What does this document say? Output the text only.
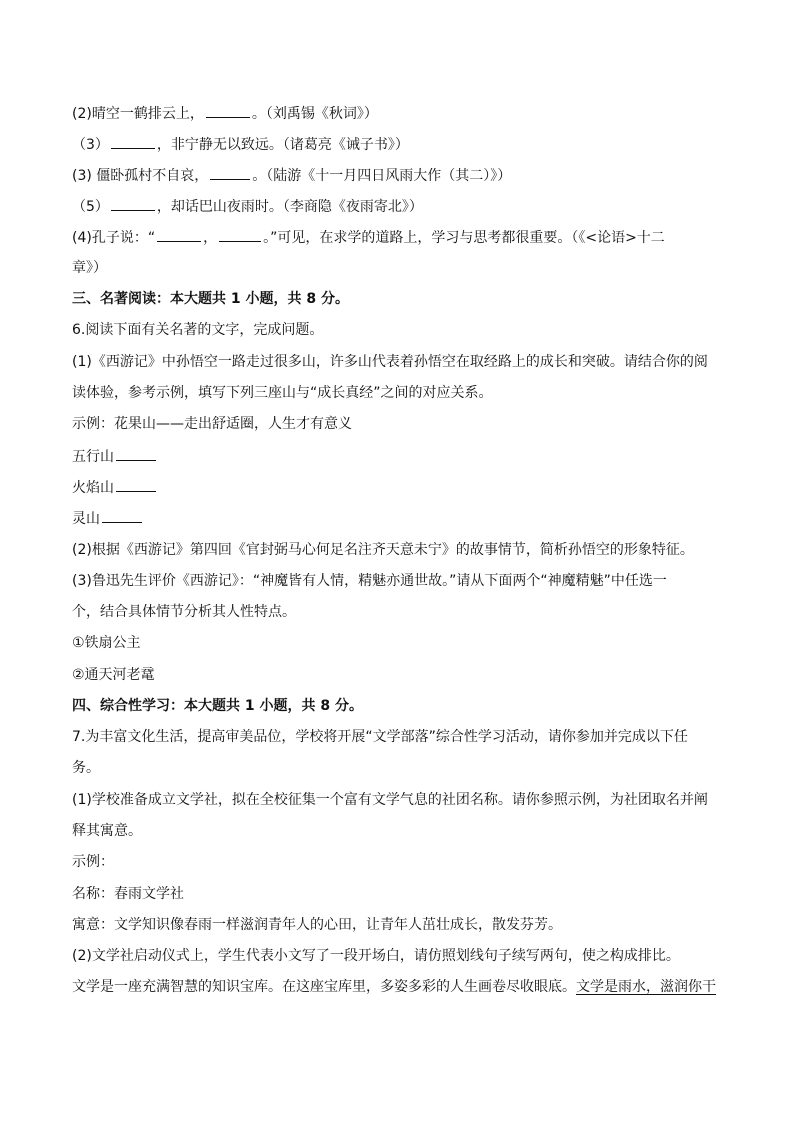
(2)晴空一鹤排云上，	。（刘禹锡《秋词》）
（3）	，非宁静无以致远。（诸葛亮《诫子书》）
(3) 僵卧孤村不自哀，	。（陆游《十一月四日风雨大作（其二）》）
（5）	，却话巴山夜雨时。（李商隐《夜雨寄北》）
(4)孔子说：“	，	。”可见，在求学的道路上，学习与思考都很重要。（《<论语>十二
章》）
三、名著阅读：本大题共 1 小题，共 8 分。
6.阅读下面有关名著的文字，完成问题。
(1)《西游记》中孙悟空一路走过很多山，许多山代表着孙悟空在取经路上的成长和突破。请结合你的阅
读体验，参考示例，填写下列三座山与“成长真经”之间的对应关系。
示例：花果山——走出舒适圈，人生才有意义
五行山
火焰山
灵山
(2)根据《西游记》第四回《官封弼马心何足名注齐天意未宁》的故事情节，简析孙悟空的形象特征。
(3)鲁迅先生评价《西游记》：“神魔皆有人情，精魅亦通世故。”请从下面两个“神魔精魅”中任选一
个，结合具体情节分析其人性特点。
①铁扇公主
②通天河老鼋
四、综合性学习：本大题共 1 小题，共 8 分。
7.为丰富文化生活，提高审美品位，学校将开展“文学部落”综合性学习活动，请你参加并完成以下任
务。
(1)学校准备成立文学社，拟在全校征集一个富有文学气息的社团名称。请你参照示例，为社团取名并阐
释其寓意。
示例：
名称：春雨文学社
寓意：文学知识像春雨一样滋润青年人的心田，让青年人茁壮成长，散发芬芳。
(2)文学社启动仪式上，学生代表小文写了一段开场白，请仿照划线句子续写两句，使之构成排比。
文学是一座充满智慧的知识宝库。在这座宝库里，多姿多彩的人生画卷尽收眼底。文学是雨水，滋润你干
